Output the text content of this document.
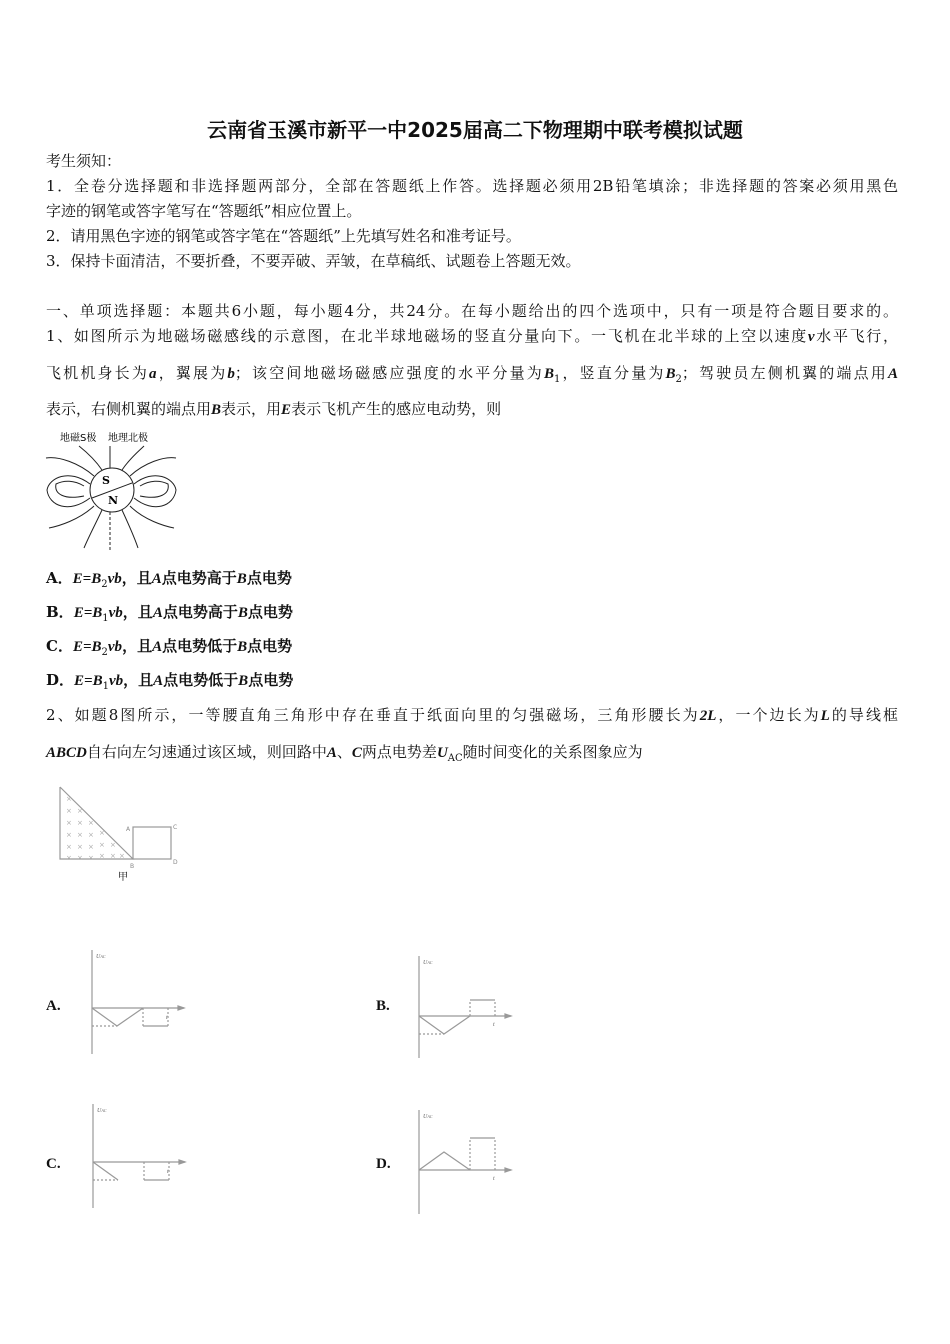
云南省玉溪市新平一中2025届高二下物理期中联考模拟试题
考生须知：
1．全卷分选择题和非选择题两部分，全部在答题纸上作答。选择题必须用2B铅笔填涂；非选择题的答案必须用黑色
字迹的钢笔或答字笔写在“答题纸”相应位置上。
2．请用黑色字迹的钢笔或答字笔在“答题纸”上先填写姓名和准考证号。
3．保持卡面清洁，不要折叠，不要弄破、弄皱，在草稿纸、试题卷上答题无效。
一、单项选择题：本题共6小题，每小题4分，共24分。在每小题给出的四个选项中，只有一项是符合题目要求的。
1、如图所示为地磁场磁感线的示意图，在北半球地磁场的竖直分量向下。一飞机在北半球的上空以速度v水平飞行，
飞机机身长为a，翼展为b；该空间地磁场磁感应强度的水平分量为$B_1$，竖直分量为$B_2$；驾驶员左侧机翼的端点用A
表示，右侧机翼的端点用B表示，用E表示飞机产生的感应电动势，则
地磁S极 地理北极
S
N
A．$E=B_2vb$，且A点电势高于B点电势
B．$E=B_1vb$，且A点电势高于B点电势
C．$E=B_2vb$，且A点电势低于B点电势
D．$E=B_1vb$，且A点电势低于B点电势
2、如题8图所示，一等腰直角三角形中存在垂直于纸面向里的匀强磁场，三角形腰长为2L，一个边长为L的导线框
ABCD自右向左匀速通过该区域，则回路中A、C两点电势差$U_{AC}$随时间变化的关系图象应为
×
× ×
× × ×
× × × ×
× × × × ×
× × × × × ×
A	C
D
B
甲
A.	B.
C.	D.
UAC
t
UAC
t
UAC
t
UAC
t
